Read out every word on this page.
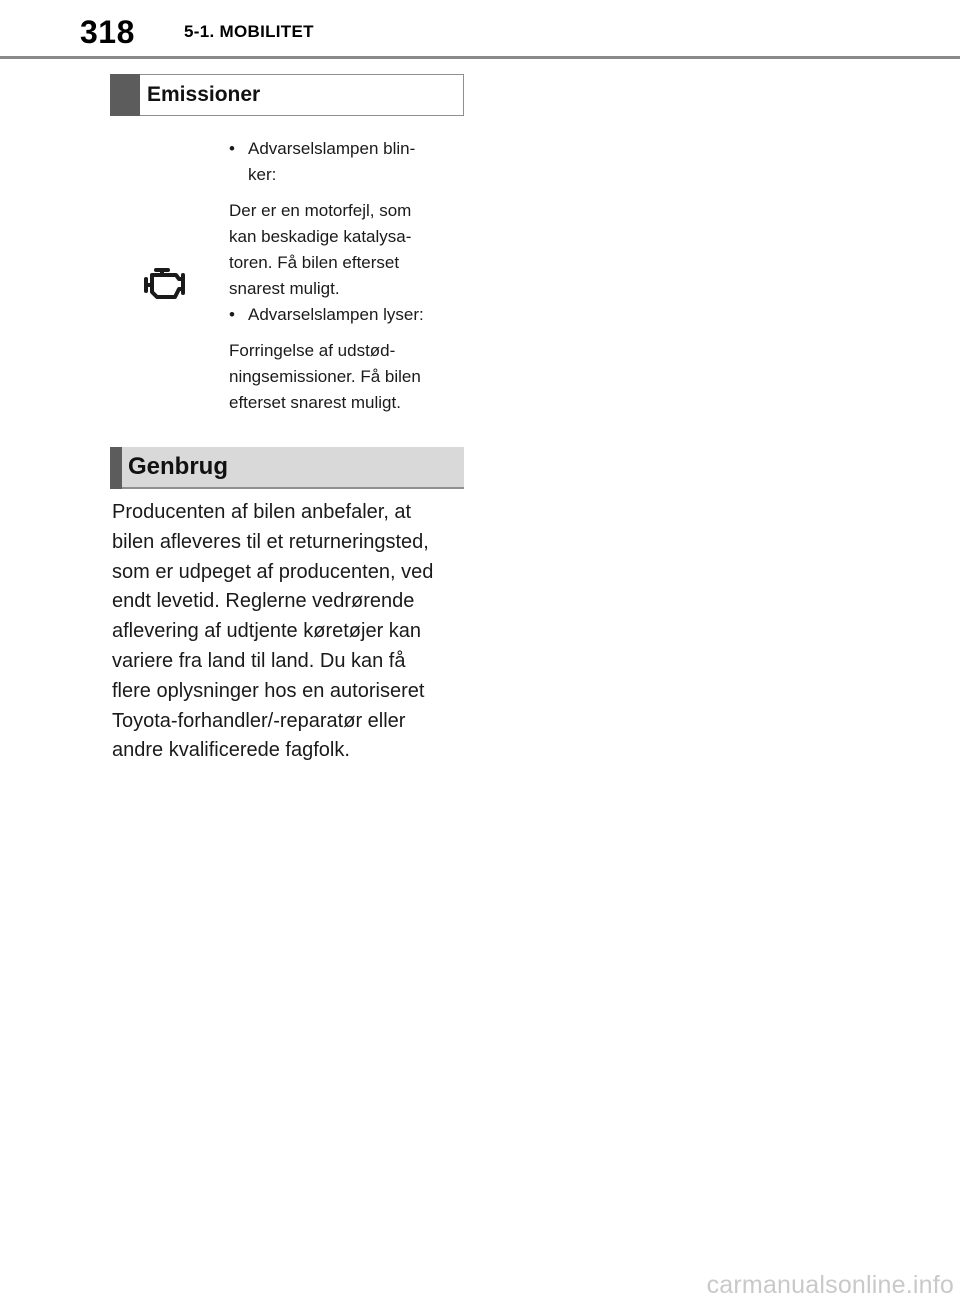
318	5-1. MOBILITET
Emissioner

• Advarselslampen blin-

ker:

Der er en motorfejl, som

kan beskadige katalysa-

toren. Få bilen efterset

snarest muligt.

• Advarselslampen lyser:

Forringelse af udstød-

ningsemissioner. Få bilen

efterset snarest muligt.

Genbrug

Producenten af bilen anbefaler, at

bilen afleveres til et returneringsted,

som er udpeget af producenten, ved

endt levetid. Reglerne vedrørende

aflevering af udtjente køretøjer kan

variere fra land til land. Du kan få

flere oplysninger hos en autoriseret

Toyota-forhandler/-reparatør eller

andre kvalificerede fagfolk.

carmanualsonline.info
